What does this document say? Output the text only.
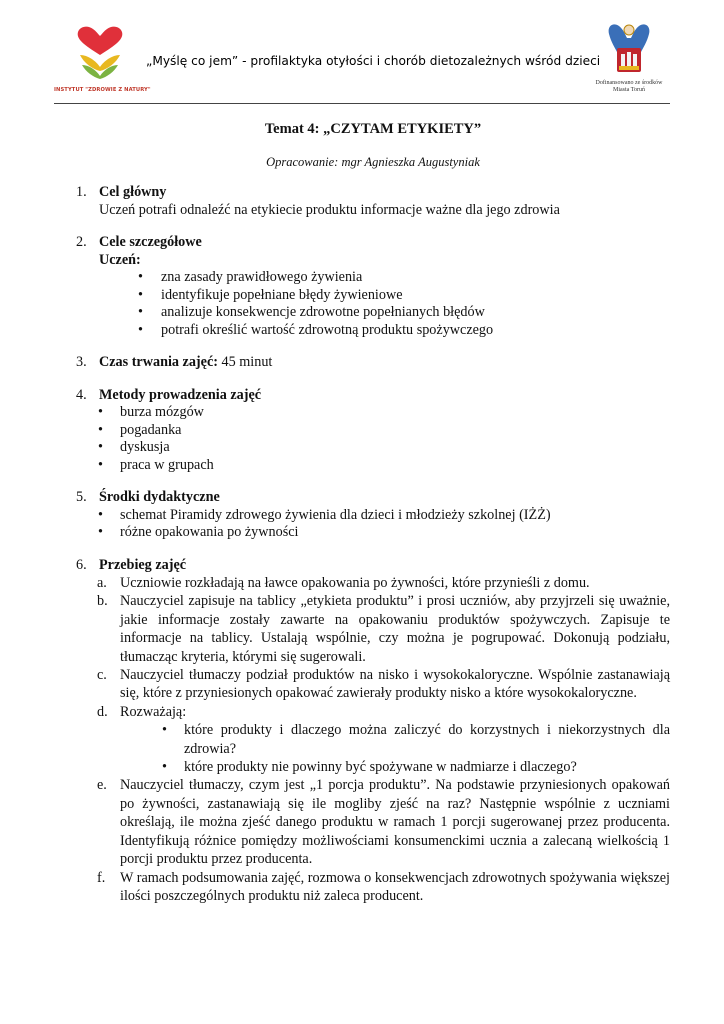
INSTYTUT "ZDROWIE Z NATURY"
„Myślę co jem” - profilaktyka otyłości i chorób dietozależnych wśród dzieci
Dofinansowano ze środków
Miasta Toruń
Temat 4: „CZYTAM ETYKIETY”
Opracowanie: mgr Agnieszka Augustyniak
1. Cel główny
Uczeń potrafi odnaleźć na etykiecie produktu informacje ważne dla jego zdrowia
2. Cele szczegółowe
Uczeń:
• zna zasady prawidłowego żywienia
• identyfikuje popełniane błędy żywieniowe
• analizuje konsekwencje zdrowotne popełnianych błędów
• potrafi określić wartość zdrowotną produktu spożywczego
3. Czas trwania zajęć: 45 minut
4. Metody prowadzenia zajęć
• burza mózgów
• pogadanka
• dyskusja
• praca w grupach
5. Środki dydaktyczne
• schemat Piramidy zdrowego żywienia dla dzieci i młodzieży szkolnej (IŻŻ)
• różne opakowania po żywności
6. Przebieg zajęć
a. Uczniowie rozkładają na ławce opakowania po żywności, które przynieśli z domu.
b. Nauczyciel zapisuje na tablicy „etykieta produktu” i prosi uczniów, aby przyjrzeli się uważnie, jakie informacje zostały zawarte na opakowaniu produktów spożywczych. Zapisuje te informacje na tablicy. Ustalają wspólnie, czy można je pogrupować. Dokonują podziału, tłumacząc kryteria, którymi się sugerowali.
c. Nauczyciel tłumaczy podział produktów na nisko i wysokokaloryczne. Wspólnie zastanawiają się, które z przyniesionych opakować zawierały produkty nisko a które wysokokaloryczne.
d. Rozważają:
• które produkty i dlaczego można zaliczyć do korzystnych i niekorzystnych dla zdrowia?
• które produkty nie powinny być spożywane w nadmiarze i dlaczego?
e. Nauczyciel tłumaczy, czym jest „1 porcja produktu”. Na podstawie przyniesionych opakowań po żywności, zastanawiają się ile mogliby zjeść na raz? Następnie wspólnie z uczniami określają, ile można zjeść danego produktu w ramach 1 porcji sugerowanej przez producenta. Identyfikują różnice pomiędzy możliwościami konsumenckimi ucznia a zalecaną wielkością 1 porcji produktu przez producenta.
f. W ramach podsumowania zajęć, rozmowa o konsekwencjach zdrowotnych spożywania większej ilości poszczególnych produktu niż zaleca producent.
